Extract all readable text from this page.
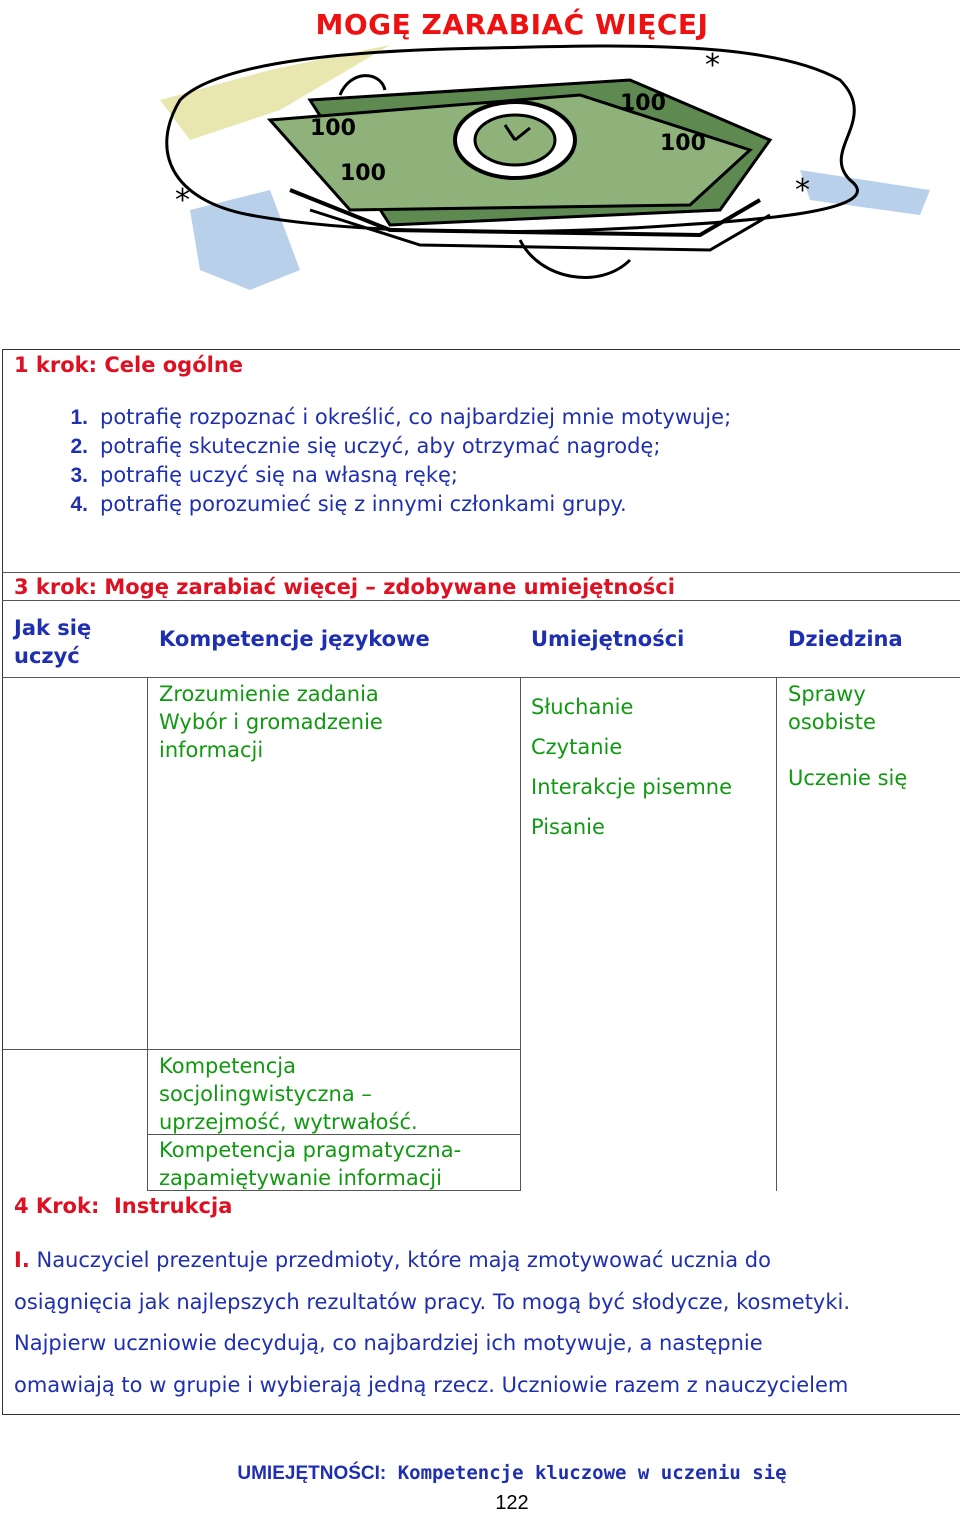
MOGĘ ZARABIAĆ WIĘCEJ
100
100
100
100
*
*
*
1 krok: Cele ogólne
1. potrafię rozpoznać i określić, co najbardziej mnie motywuje;
2. potrafię skutecznie się uczyć, aby otrzymać nagrodę;
3. potrafię uczyć się na własną rękę;
4. potrafię porozumieć się z innymi członkami grupy.
3 krok: Mogę zarabiać więcej – zdobywane umiejętności
Jak się uczyć
Kompetencje językowe	Umiejętności	Dziedzina
Zrozumienie zadania
Wybór i gromadzenie informacji
Słuchanie
Czytanie
Interakcje pisemne
Pisanie
Sprawy osobiste
Uczenie się
Kompetencja socjolingwistyczna – uprzejmość, wytrwałość.
Kompetencja pragmatyczna- zapamiętywanie informacji
4 Krok: Instrukcja
I. Nauczyciel prezentuje przedmioty, które mają zmotywować ucznia do
osiągnięcia jak najlepszych rezultatów pracy. To mogą być słodycze, kosmetyki.
Najpierw uczniowie decydują, co najbardziej ich motywuje, a następnie
omawiają to w grupie i wybierają jedną rzecz. Uczniowie razem z nauczycielem
UMIEJĘTNOŚCI: Kompetencje kluczowe w uczeniu się
122
